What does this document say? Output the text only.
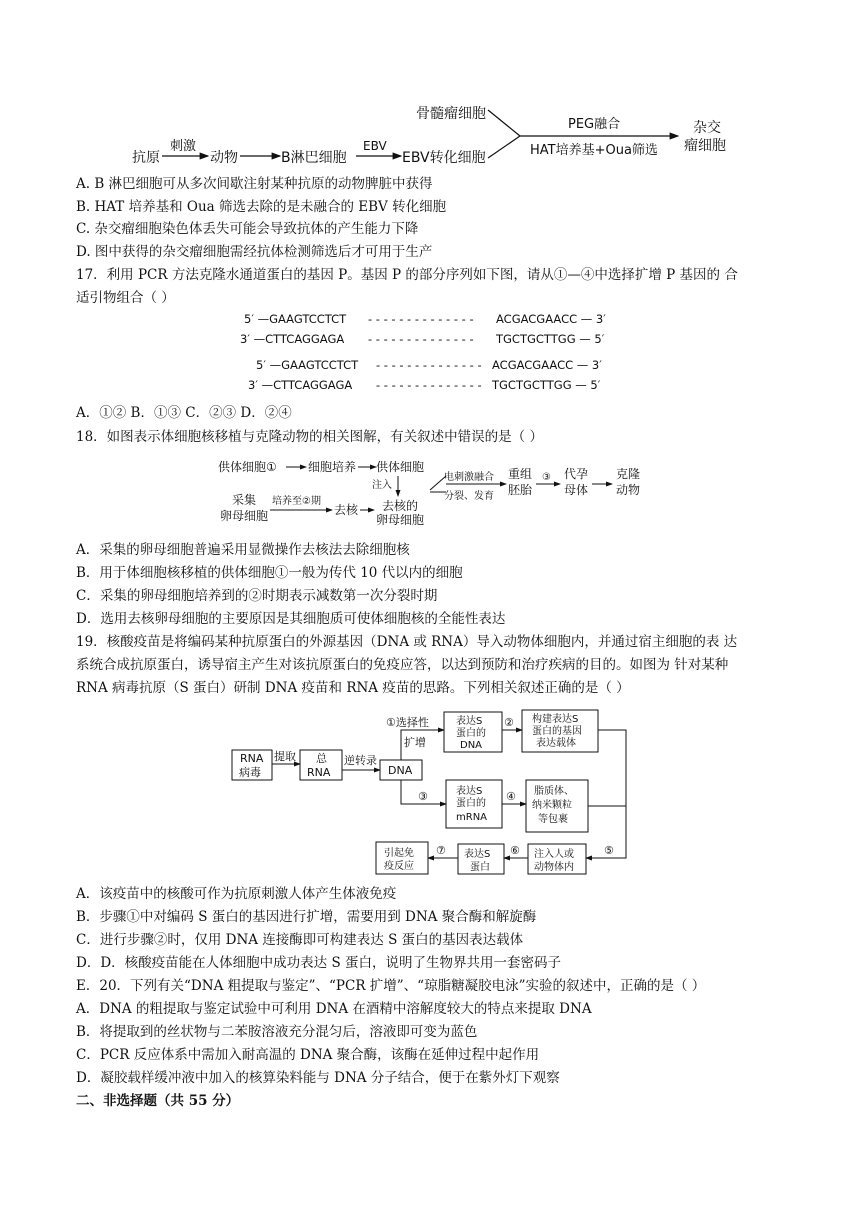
抗原
刺激
动物	B淋巴细胞
EBV
EBV转化细胞
骨髓瘤细胞
PEG融合
HAT培养基+Oua筛选
杂交
瘤细胞
A. B 淋巴细胞可从多次间歇注射某种抗原的动物脾脏中获得
B. HAT 培养基和 Oua 筛选去除的是未融合的 EBV 转化细胞
C. 杂交瘤细胞染色体丢失可能会导致抗体的产生能力下降
D. 图中获得的杂交瘤细胞需经抗体检测筛选后才可用于生产
17．利用 PCR 方法克隆水通道蛋白的基因 P。基因 P 的部分序列如下图，请从①—④中选择扩增 P 基因的 合
适引物组合（ ）
5′ —GAAGTCCTCT - - - - - - - - - - - - - - ACGACGAACC — 3′
3′ —CTTCAGGAGA - - - - - - - - - - - - - - TGCTGCTTGG — 5′
5′ —GAAGTCCTCT - - - - - - - - - - - - - - ACGACGAACC — 3′
3′ —CTTCAGGAGA - - - - - - - - - - - - - - TGCTGCTTGG — 5′
A．①② B．①③ C．②③ D．②④
18．如图表示体细胞核移植与克隆动物的相关图解，有关叙述中错误的是（ ）
供体细胞①	细胞培养 供体细胞
注入
采集
卵母细胞
培养至②期
去核 去核的
卵母细胞
电刺激融合
分裂、发育
重组
胚胎
③ 代孕
母体
克隆
动物
A．采集的卵母细胞普遍采用显微操作去核法去除细胞核
B．用于体细胞核移植的供体细胞①一般为传代 10 代以内的细胞
C．采集的卵母细胞培养到的②时期表示减数第一次分裂时期
D．选用去核卵母细胞的主要原因是其细胞质可使体细胞核的全能性表达
19．核酸疫苗是将编码某种抗原蛋白的外源基因（DNA 或 RNA）导入动物体细胞内，并通过宿主细胞的表 达
系统合成抗原蛋白，诱导宿主产生对该抗原蛋白的免疫应答，以达到预防和治疗疾病的目的。如图为 针对某种
RNA 病毒抗原（S 蛋白）研制 DNA 疫苗和 RNA 疫苗的思路。下列相关叙述正确的是（ ）
RNA
病毒
提取 总
RNA
逆转录
DNA
①选择性
扩增
表达S
蛋白的
DNA
② 构建表达S
蛋白的基因
表达载体
③	表达S
蛋白的
mRNA
④ 脂质体、
纳米颗粒
等包裹
⑤
注入人或
动物体内
⑥
表达S
蛋白
⑦
引起免
疫反应
A．该疫苗中的核酸可作为抗原刺激人体产生体液免疫
B．步骤①中对编码 S 蛋白的基因进行扩增，需要用到 DNA 聚合酶和解旋酶
C．进行步骤②时，仅用 DNA 连接酶即可构建表达 S 蛋白的基因表达载体
D．D．核酸疫苗能在人体细胞中成功表达 S 蛋白，说明了生物界共用一套密码子
E．20．下列有关“DNA 粗提取与鉴定”、“PCR 扩增”、“琼脂糖凝胶电泳”实验的叙述中，正确的是（ ）
A．DNA 的粗提取与鉴定试验中可利用 DNA 在酒精中溶解度较大的特点来提取 DNA
B．将提取到的丝状物与二苯胺溶液充分混匀后，溶液即可变为蓝色
C．PCR 反应体系中需加入耐高温的 DNA 聚合酶，该酶在延伸过程中起作用
D．凝胶载样缓冲液中加入的核算染料能与 DNA 分子结合，便于在紫外灯下观察
二、非选择题（共 55 分）
